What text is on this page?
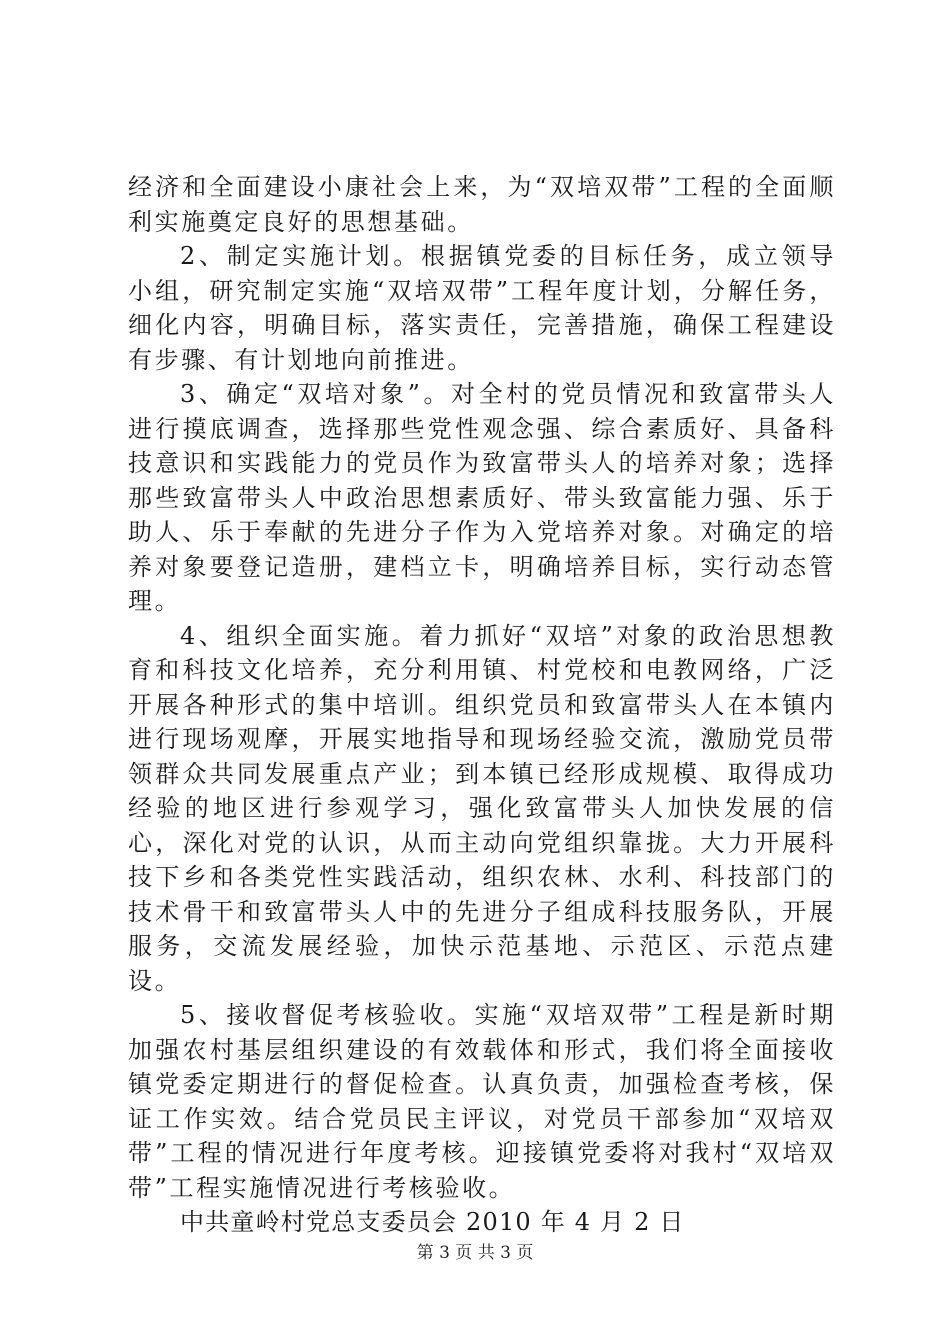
经济和全面建设小康社会上来，为“双培双带”工程的全面顺利实施奠定良好的思想基础。

2、制定实施计划。根据镇党委的目标任务，成立领导小组，研究制定实施“双培双带”工程年度计划，分解任务，细化内容，明确目标，落实责任，完善措施，确保工程建设有步骤、有计划地向前推进。

3、确定“双培对象”。对全村的党员情况和致富带头人进行摸底调查，选择那些党性观念强、综合素质好、具备科技意识和实践能力的党员作为致富带头人的培养对象；选择那些致富带头人中政治思想素质好、带头致富能力强、乐于助人、乐于奉献的先进分子作为入党培养对象。对确定的培养对象要登记造册，建档立卡，明确培养目标，实行动态管理。

4、组织全面实施。着力抓好“双培”对象的政治思想教育和科技文化培养，充分利用镇、村党校和电教网络，广泛开展各种形式的集中培训。组织党员和致富带头人在本镇内进行现场观摩，开展实地指导和现场经验交流，激励党员带领群众共同发展重点产业；到本镇已经形成规模、取得成功经验的地区进行参观学习，强化致富带头人加快发展的信心，深化对党的认识，从而主动向党组织靠拢。大力开展科技下乡和各类党性实践活动，组织农林、水利、科技部门的技术骨干和致富带头人中的先进分子组成科技服务队，开展服务，交流发展经验，加快示范基地、示范区、示范点建设。

5、接收督促考核验收。实施“双培双带”工程是新时期加强农村基层组织建设的有效载体和形式，我们将全面接收镇党委定期进行的督促检查。认真负责，加强检查考核，保证工作实效。结合党员民主评议，对党员干部参加“双培双带”工程的情况进行年度考核。迎接镇党委将对我村“双培双带”工程实施情况进行考核验收。

中共童岭村党总支委员会 2010 年 4 月 2 日

第 3 页 共 3 页
